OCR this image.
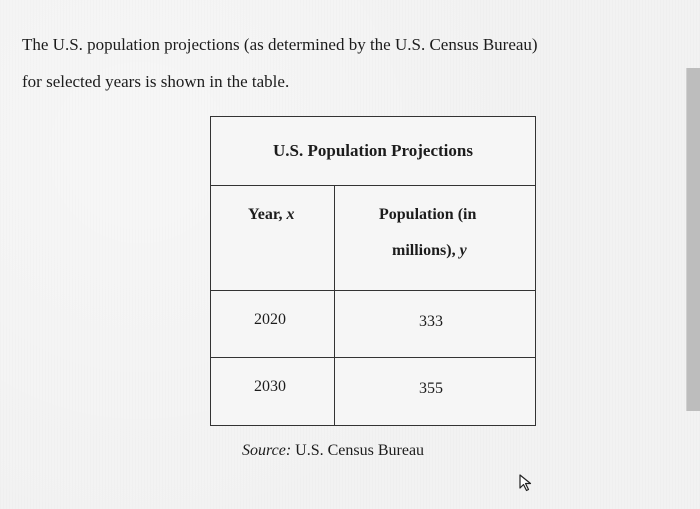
The U.S. population projections (as determined by the U.S. Census Bureau)
for selected years is shown in the table.
U.S. Population Projections
Year, x	Population (in
millions), y
2020	333
2030	355
Source: U.S. Census Bureau
